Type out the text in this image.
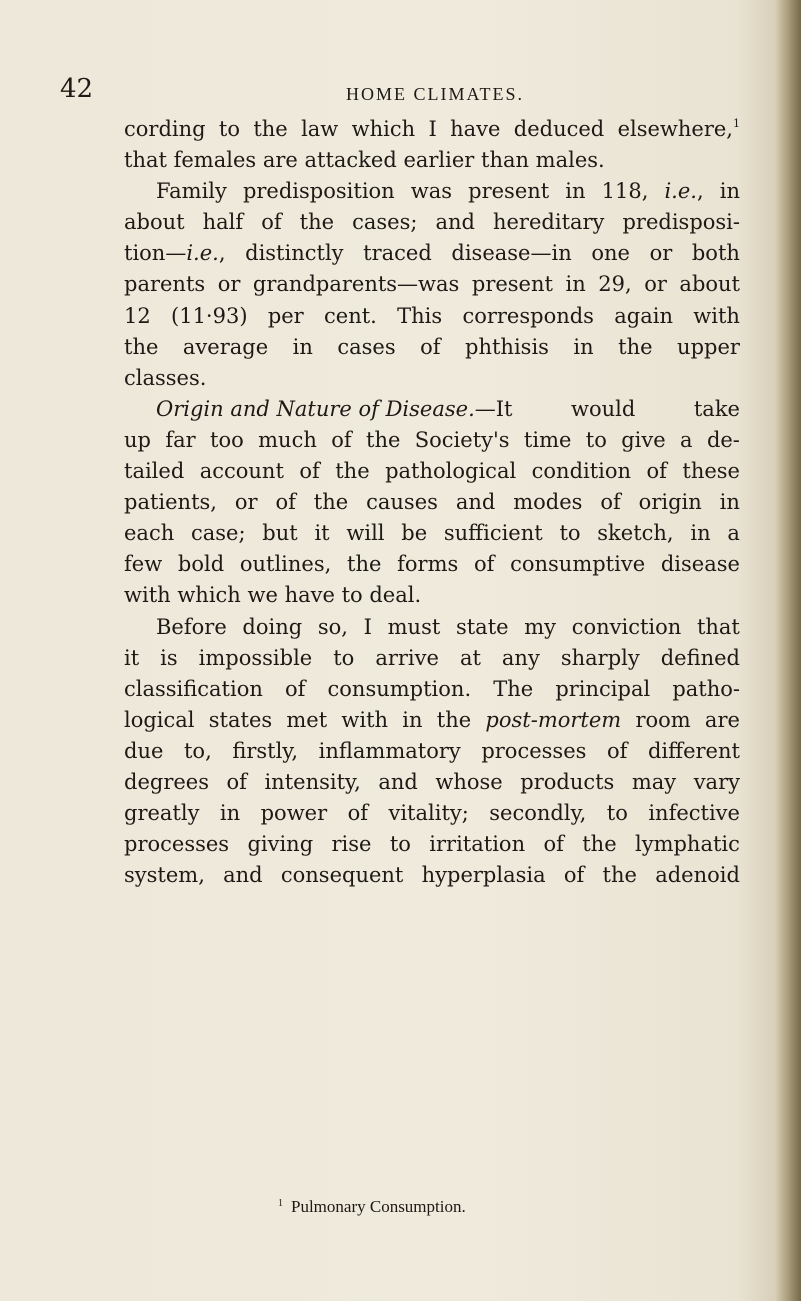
42	HOME CLIMATES.
cording to the law which I have deduced elsewhere,$^1$
that females are attacked earlier than males.
Family predisposition was present in 118, i.e., in
about half of the cases; and hereditary predisposi-
tion—i.e., distinctly traced disease—in one or both
parents or grandparents—was present in 29, or about
12 (11·93) per cent. This corresponds again with
the average in cases of phthisis in the upper
classes.
Origin and Nature of Disease.—It	would	take
up far too much of the Society's time to give a de-
tailed account of the pathological condition of these
patients, or of the causes and modes of origin in
each case; but it will be sufficient to sketch, in a
few bold outlines, the forms of consumptive disease
with which we have to deal.
Before doing so, I must state my conviction that
it is impossible to arrive at any sharply defined
classification of consumption. The principal patho-
logical states met with in the post-mortem room are
due to, firstly, inflammatory processes of different
degrees of intensity, and whose products may vary
greatly in power of vitality; secondly, to infective
processes giving rise to irritation of the lymphatic
system, and consequent hyperplasia of the adenoid
$^1$ Pulmonary Consumption.
